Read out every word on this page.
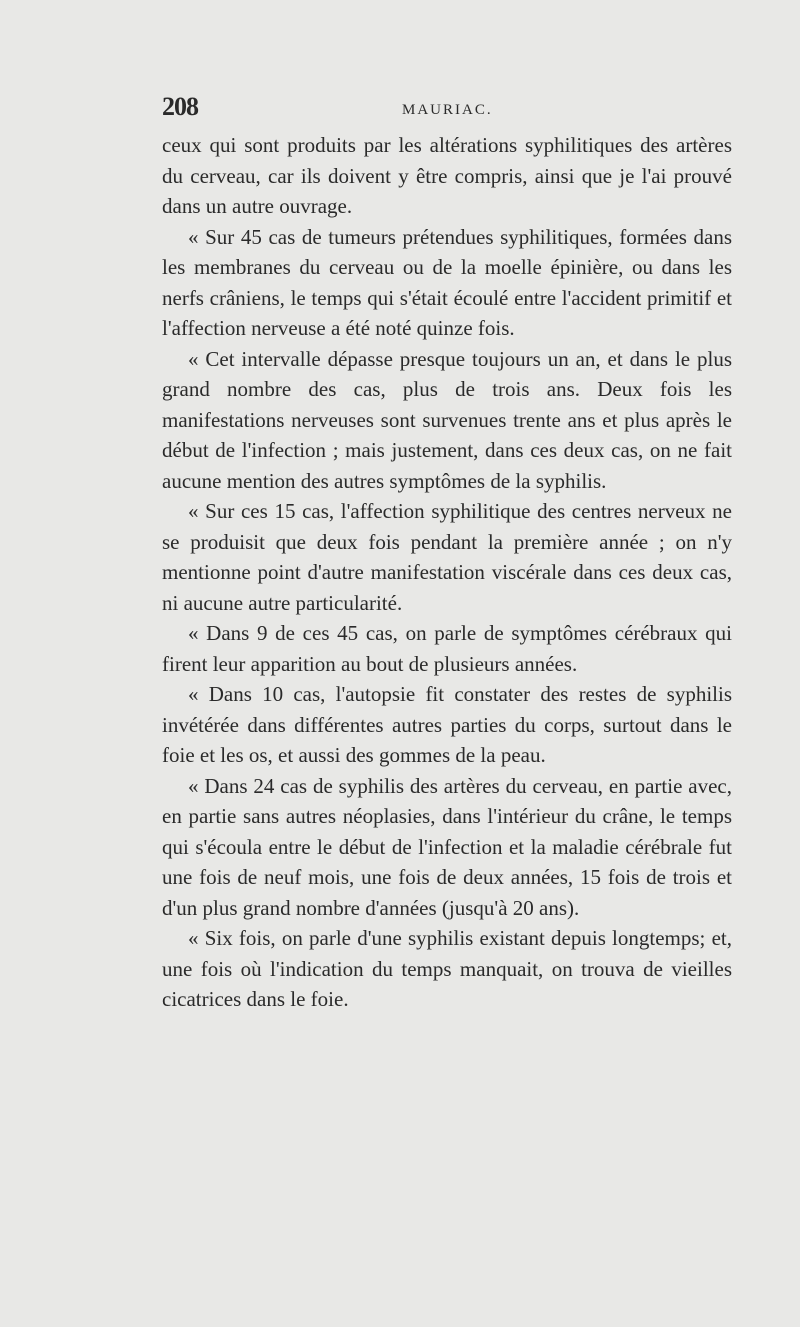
208	MAURIAC.

ceux qui sont produits par les altérations syphilitiques des artères du cerveau, car ils doivent y être compris, ainsi que je l'ai prouvé dans un autre ouvrage.

« Sur 45 cas de tumeurs prétendues syphilitiques, formées dans les membranes du cerveau ou de la moelle épinière, ou dans les nerfs crâniens, le temps qui s'était écoulé entre l'accident primitif et l'affection nerveuse a été noté quinze fois.

« Cet intervalle dépasse presque toujours un an, et dans le plus grand nombre des cas, plus de trois ans. Deux fois les manifestations nerveuses sont survenues trente ans et plus après le début de l'infection ; mais justement, dans ces deux cas, on ne fait aucune mention des autres symptômes de la syphilis.

« Sur ces 15 cas, l'affection syphilitique des centres nerveux ne se produisit que deux fois pendant la première année ; on n'y mentionne point d'autre manifestation viscérale dans ces deux cas, ni aucune autre particularité.

« Dans 9 de ces 45 cas, on parle de symptômes cérébraux qui firent leur apparition au bout de plusieurs années.

« Dans 10 cas, l'autopsie fit constater des restes de syphilis invétérée dans différentes autres parties du corps, surtout dans le foie et les os, et aussi des gommes de la peau.

« Dans 24 cas de syphilis des artères du cerveau, en partie avec, en partie sans autres néoplasies, dans l'intérieur du crâne, le temps qui s'écoula entre le début de l'infection et la maladie cérébrale fut une fois de neuf mois, une fois de deux années, 15 fois de trois et d'un plus grand nombre d'années (jusqu'à 20 ans).

« Six fois, on parle d'une syphilis existant depuis longtemps; et, une fois où l'indication du temps manquait, on trouva de vieilles cicatrices dans le foie.
